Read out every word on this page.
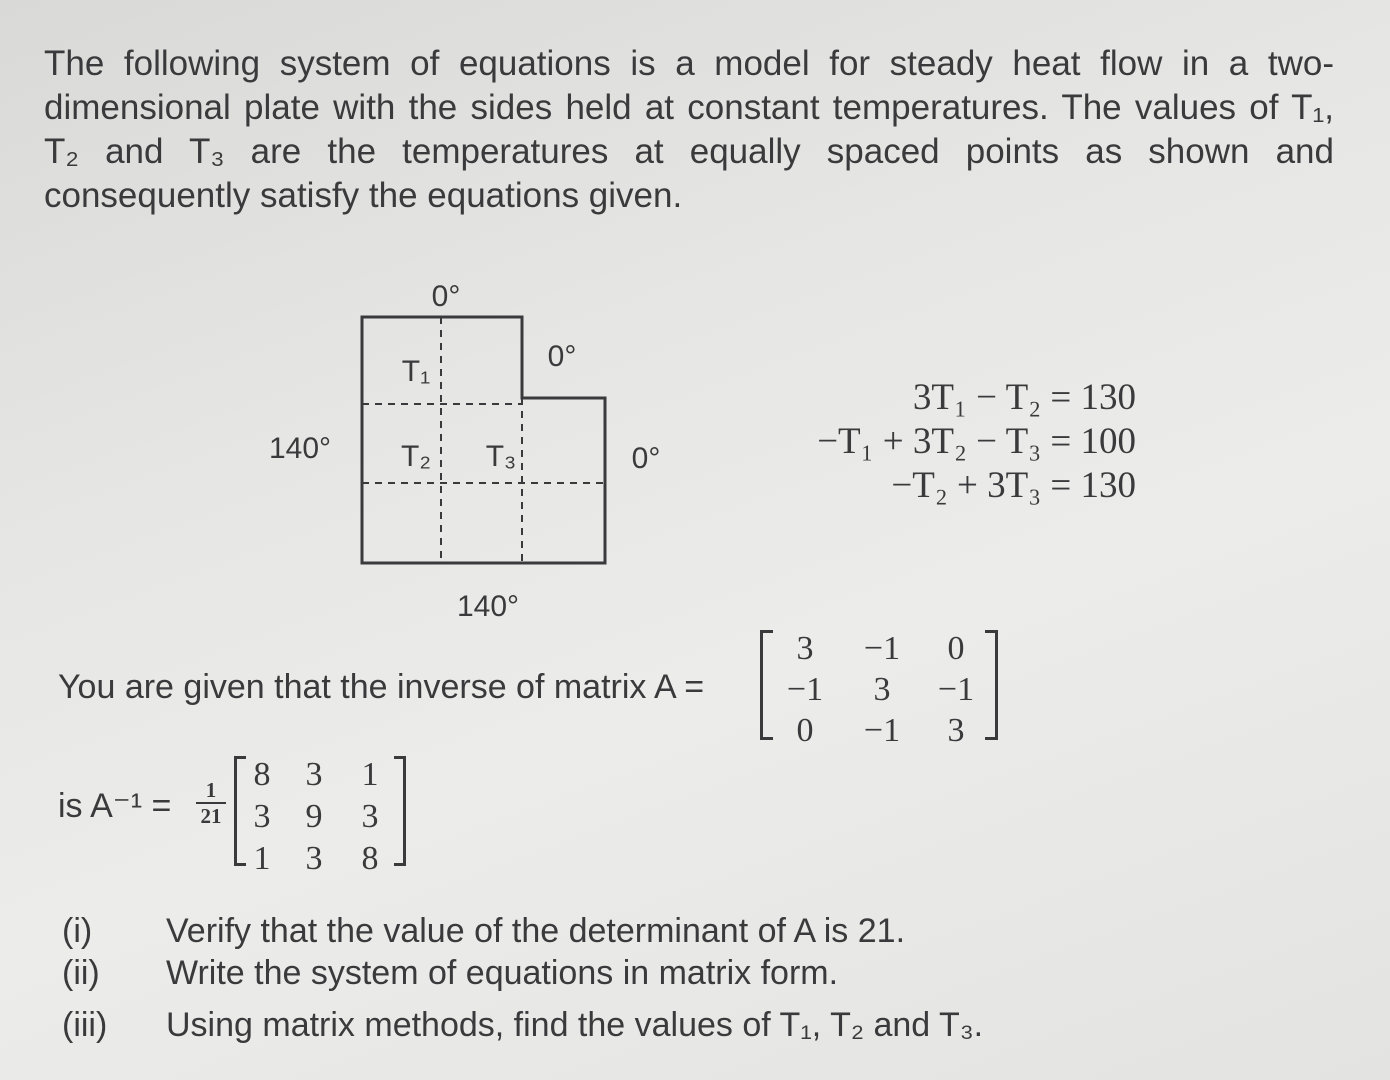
The following system of equations is a model for steady heat flow in a two-dimensional plate with the sides held at constant temperatures. The values of T₁, T₂ and T₃ are the temperatures at equally spaced points as shown and consequently satisfy the equations given.

0°
0°
140°	0°
140°
T₁
T₂ T₃
3T₁ − T₂ = 130
−T₁ + 3T₂ − T₃ = 100
−T₂ + 3T₃ = 130
You are given that the inverse of matrix A =
3	−1	0
−1	3	−1
0	−1	3
is $A^{-1} = \frac{1}{21}$
8	3	1
3	9	3
1	3	8
(i) Verify that the value of the determinant of A is 21.
(ii) Write the system of equations in matrix form.
(iii) Using matrix methods, find the values of T₁, T₂ and T₃.
